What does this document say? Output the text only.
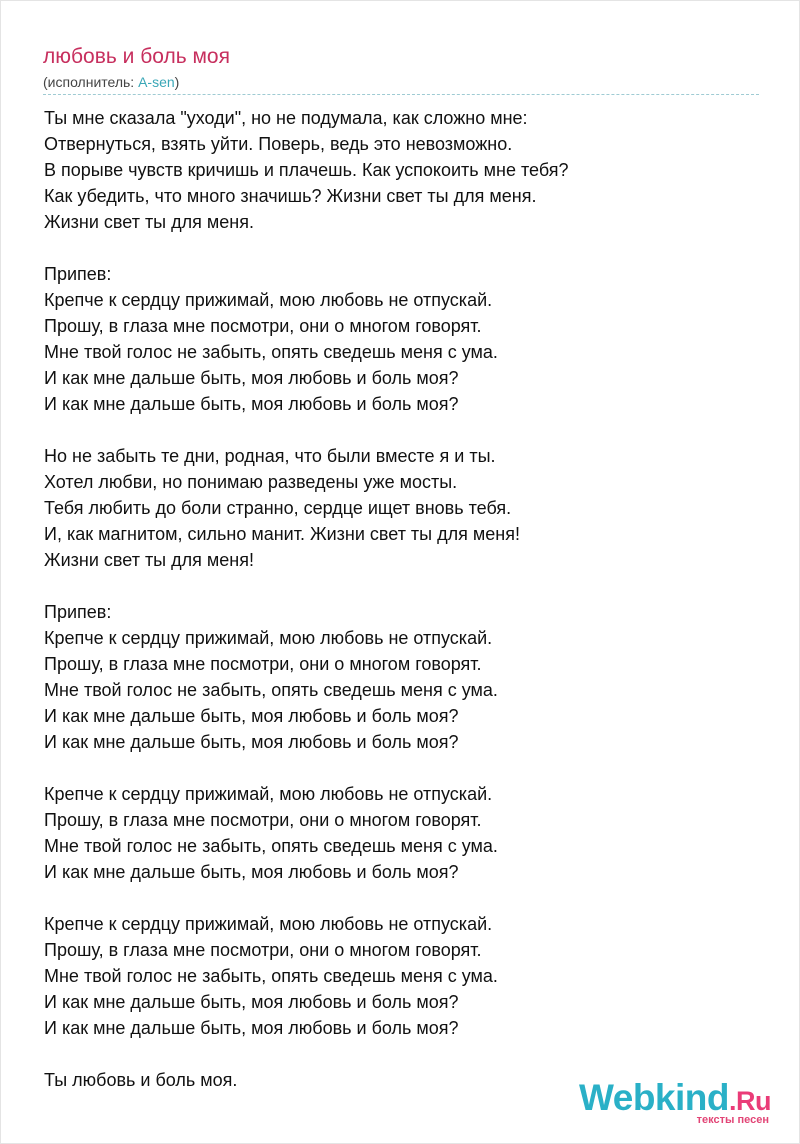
любовь и боль моя
(исполнитель: A-sen)
Ты мне сказала "уходи", но не подумала, как сложно мне:
Отвернуться, взять уйти. Поверь, ведь это невозможно.
В порыве чувств кричишь и плачешь. Как успокоить мне тебя?
Как убедить, что много значишь? Жизни свет ты для меня.
Жизни свет ты для меня.
Припев:
Крепче к сердцу прижимай, мою любовь не отпускай.
Прошу, в глаза мне посмотри, они о многом говорят.
Мне твой голос не забыть, опять сведешь меня с ума.
И как мне дальше быть, моя любовь и боль моя?
И как мне дальше быть, моя любовь и боль моя?
Но не забыть те дни, родная, что были вместе я и ты.
Хотел любви, но понимаю разведены уже мосты.
Тебя любить до боли странно, сердце ищет вновь тебя.
И, как магнитом, сильно манит. Жизни свет ты для меня!
Жизни свет ты для меня!
Припев:
Крепче к сердцу прижимай, мою любовь не отпускай.
Прошу, в глаза мне посмотри, они о многом говорят.
Мне твой голос не забыть, опять сведешь меня с ума.
И как мне дальше быть, моя любовь и боль моя?
И как мне дальше быть, моя любовь и боль моя?
Крепче к сердцу прижимай, мою любовь не отпускай.
Прошу, в глаза мне посмотри, они о многом говорят.
Мне твой голос не забыть, опять сведешь меня с ума.
И как мне дальше быть, моя любовь и боль моя?
Крепче к сердцу прижимай, мою любовь не отпускай.
Прошу, в глаза мне посмотри, они о многом говорят.
Мне твой голос не забыть, опять сведешь меня с ума.
И как мне дальше быть, моя любовь и боль моя?
И как мне дальше быть, моя любовь и боль моя?
Ты любовь и боль моя.	Webkind.Ru
тексты песен
